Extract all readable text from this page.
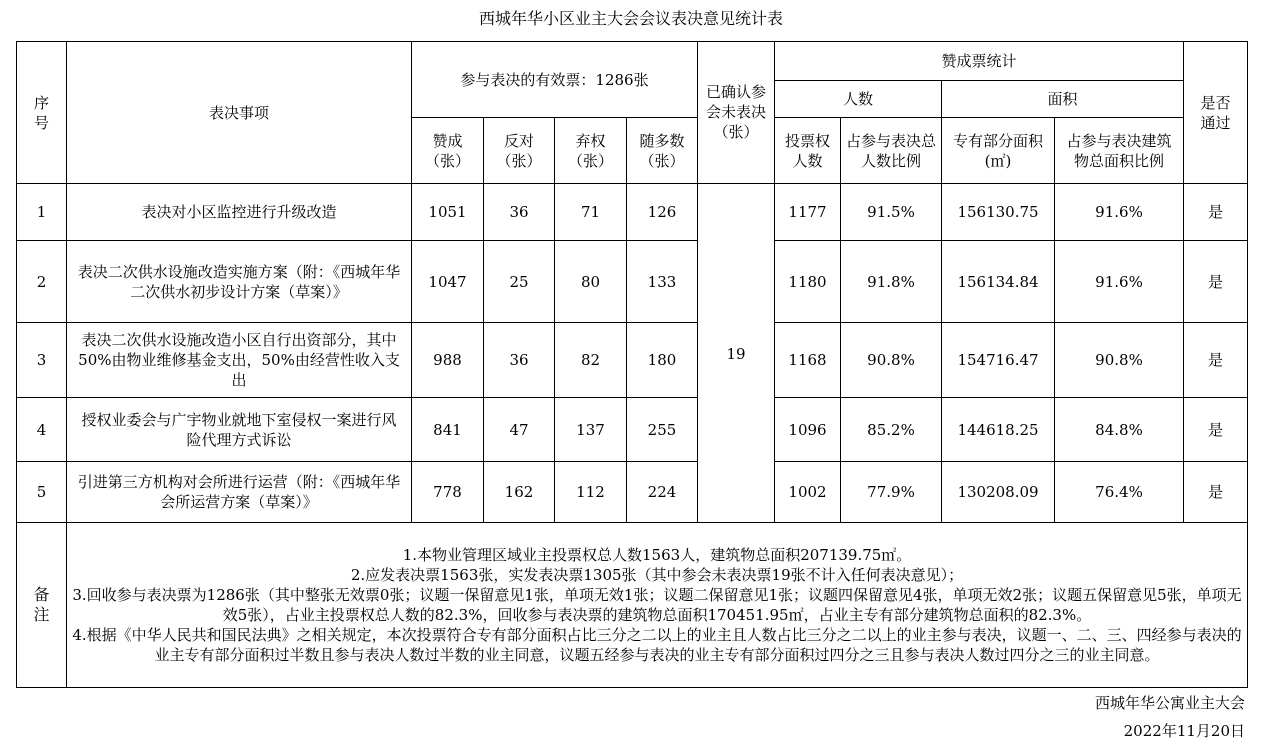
西城年华小区业主大会会议表决意见统计表
序号	表决事项	参与表决的有效票：1286张				已确认参会未表决（张）	赞成票统计				是否通过
							人数		面积		
		赞成（张）	反对（张）	弃权（张）	随多数（张）		投票权人数	占参与表决总人数比例	专有部分面积(㎡)	占参与表决建筑物总面积比例	
1	表决对小区监控进行升级改造	1051	36	71	126	19	1177	91.5%	156130.75	91.6%	是
2	表决二次供水设施改造实施方案（附：《西城年华二次供水初步设计方案（草案）》	1047	25	80	133		1180	91.8%	156134.84	91.6%	是
3	表决二次供水设施改造小区自行出资部分，其中50%由物业维修基金支出，50%由经营性收入支出	988	36	82	180		1168	90.8%	154716.47	90.8%	是
4	授权业委会与广宇物业就地下室侵权一案进行风险代理方式诉讼	841	47	137	255		1096	85.2%	144618.25	84.8%	是
5	引进第三方机构对会所进行运营（附：《西城年华会所运营方案（草案）》	778	162	112	224		1002	77.9%	130208.09	76.4%	是
备注	1.本物业管理区域业主投票权总人数1563人，建筑物总面积207139.75㎡。
2.应发表决票1563张，实发表决票1305张（其中参会未表决票19张不计入任何表决意见）；
3.回收参与表决票为1286张（其中整张无效票0张；议题一保留意见1张，单项无效1张；议题二保留意见1张；议题四保留意见4张，单项无效2张；议题五保留意见5张，单项无效5张），占业主投票权总人数的82.3%，回收参与表决票的建筑物总面积170451.95㎡，占业主专有部分建筑物总面积的82.3%。
4.根据《中华人民共和国民法典》之相关规定，本次投票符合专有部分面积占比三分之二以上的业主且人数占比三分之二以上的业主参与表决，议题一、二、三、四经参与表决的业主专有部分面积过半数且参与表决人数过半数的业主同意，议题五经参与表决的业主专有部分面积过四分之三且参与表决人数过四分之三的业主同意。										
西城年华公寓业主大会
2022年11月20日
